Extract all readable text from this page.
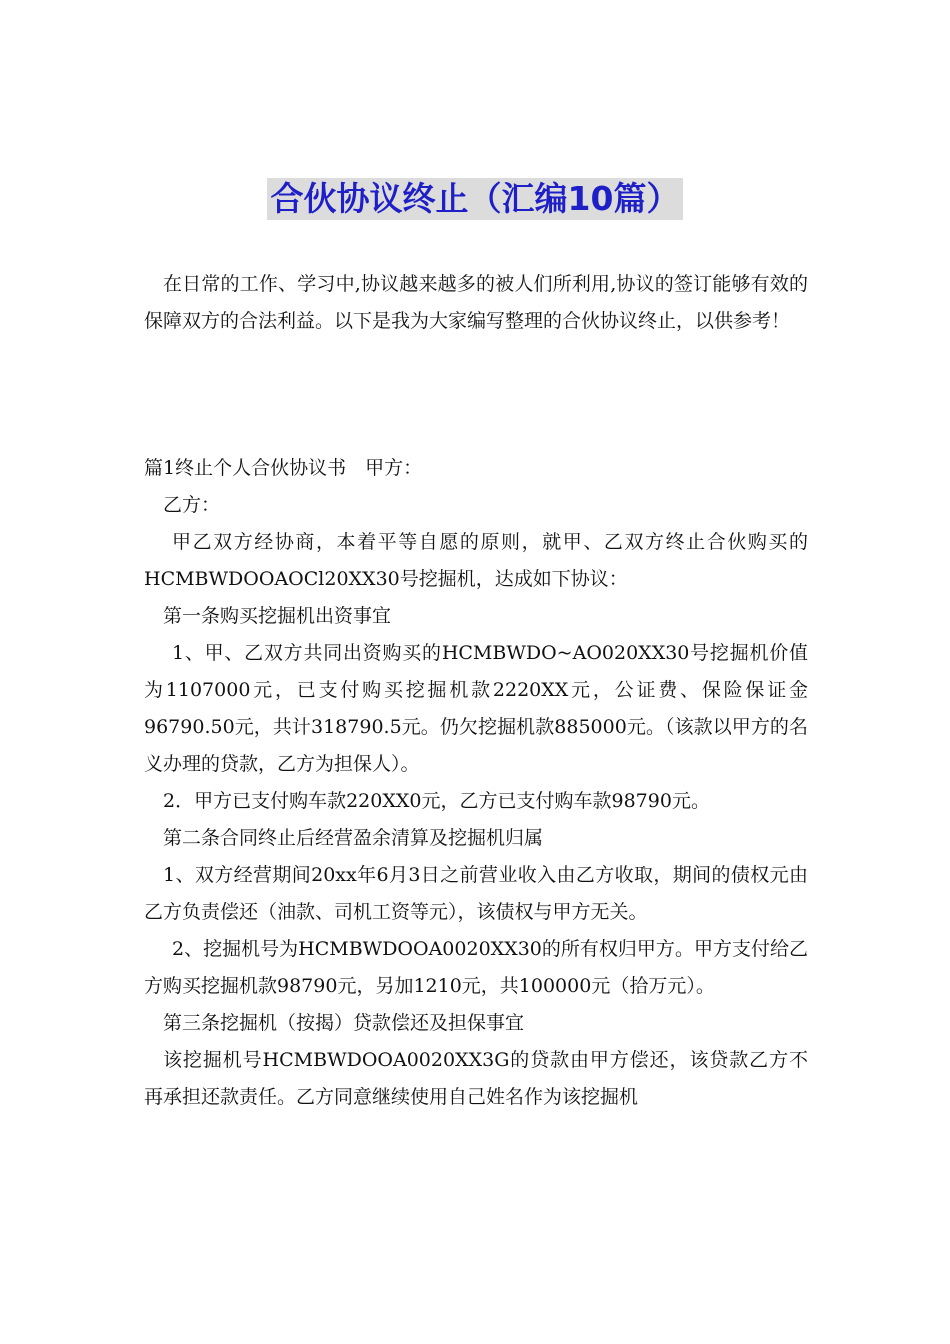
合伙协议终止（汇编10篇）

在日常的工作、学习中,协议越来越多的被人们所利用,协议的签订能够有效的保障双方的合法利益。以下是我为大家编写整理的合伙协议终止，以供参考！

篇1终止个人合伙协议书　甲方：

乙方：

甲乙双方经协商，本着平等自愿的原则，就甲、乙双方终止合伙购买的HCMBWDOOAOCl20XX30号挖掘机，达成如下协议：

第一条购买挖掘机出资事宜

1、甲、乙双方共同出资购买的HCMBWDO~AO020XX30号挖掘机价值为1107000元，已支付购买挖掘机款2220XX元，公证费、保险保证金96790.50元，共计318790.5元。仍欠挖掘机款885000元。（该款以甲方的名义办理的贷款，乙方为担保人）。

2．甲方已支付购车款220XX0元，乙方已支付购车款98790元。

第二条合同终止后经营盈余清算及挖掘机归属

1、双方经营期间20xx年6月3日之前营业收入由乙方收取，期间的债权元由乙方负责偿还（油款、司机工资等元），该债权与甲方无关。

2、挖掘机号为HCMBWDOOA0020XX30的所有权归甲方。甲方支付给乙方购买挖掘机款98790元，另加1210元，共100000元（拾万元）。

第三条挖掘机（按揭）贷款偿还及担保事宜

该挖掘机号HCMBWDOOA0020XX3G的贷款由甲方偿还，该贷款乙方不再承担还款责任。乙方同意继续使用自己姓名作为该挖掘机
